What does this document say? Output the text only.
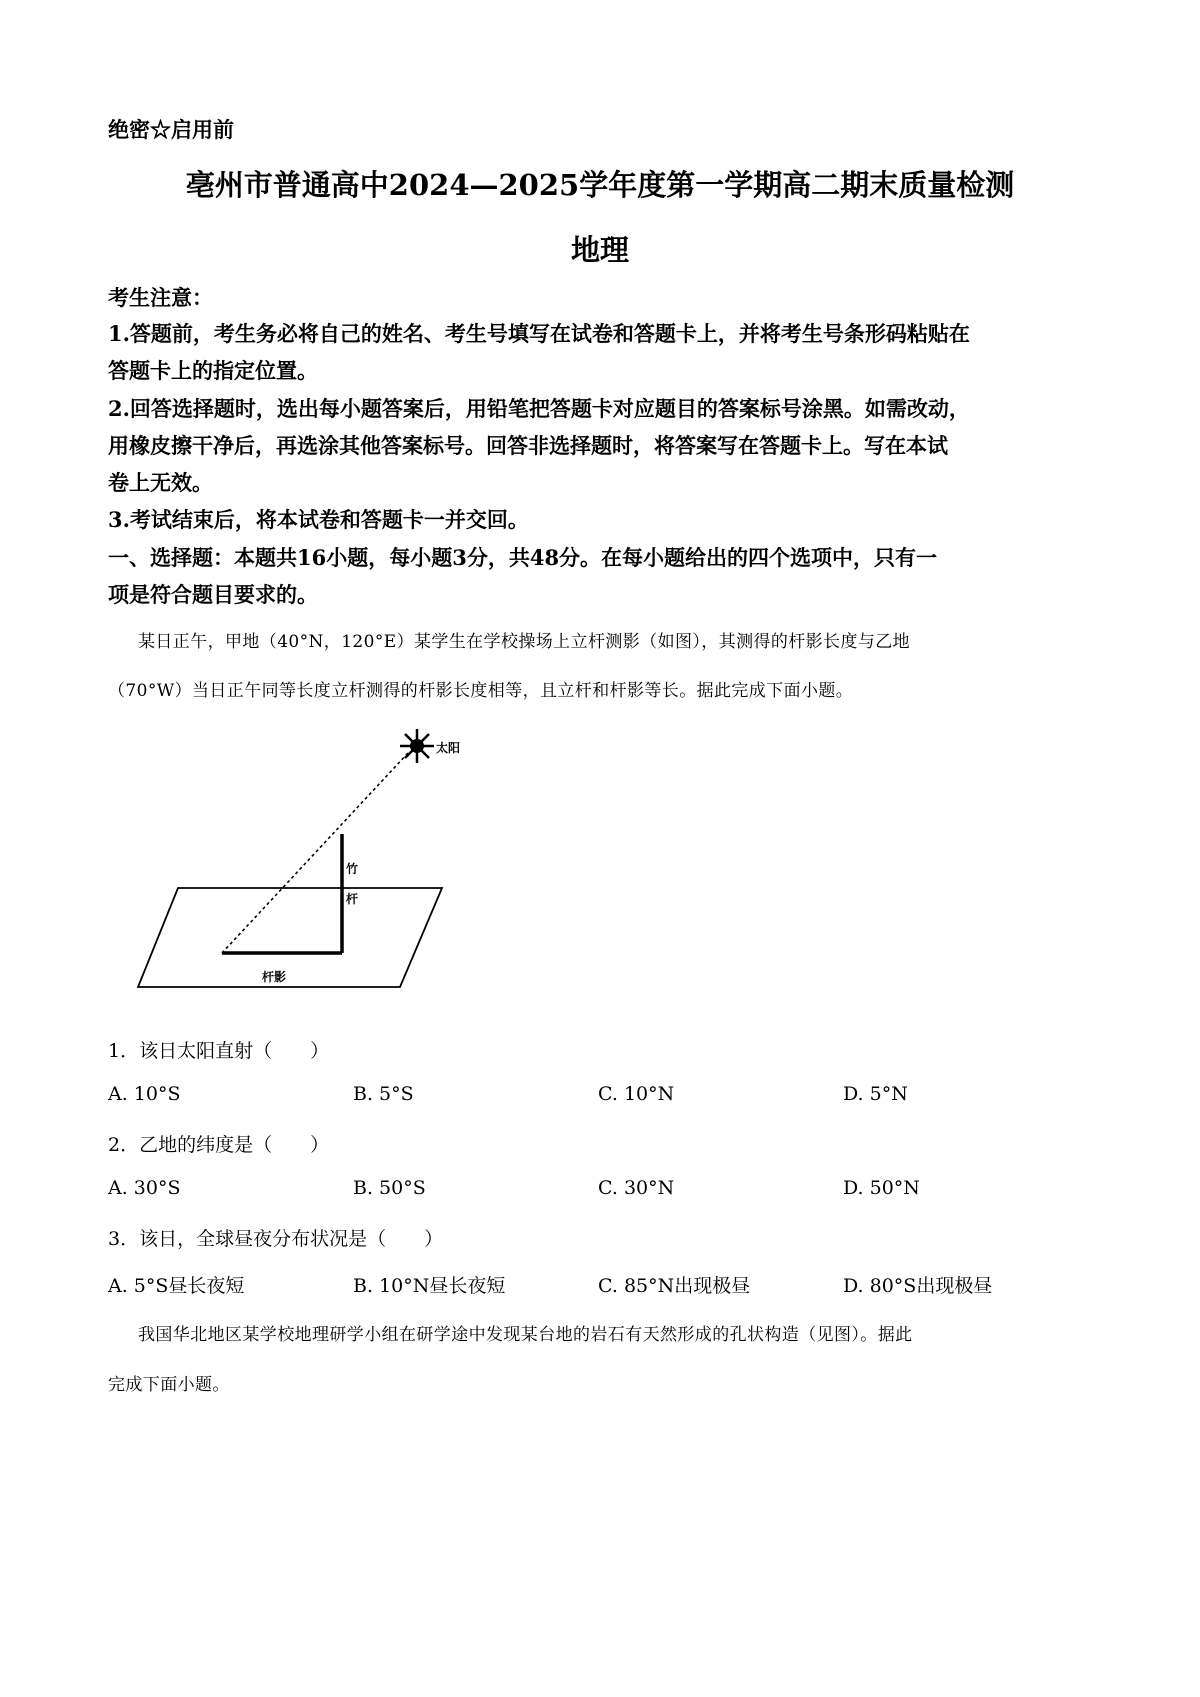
绝密☆启用前
亳州市普通高中2024—2025学年度第一学期高二期末质量检测
地理
考生注意：
1.答题前，考生务必将自己的姓名、考生号填写在试卷和答题卡上，并将考生号条形码粘贴在
答题卡上的指定位置。
2.回答选择题时，选出每小题答案后，用铅笔把答题卡对应题目的答案标号涂黑。如需改动，
用橡皮擦干净后，再选涂其他答案标号。回答非选择题时，将答案写在答题卡上。写在本试
卷上无效。
3.考试结束后，将本试卷和答题卡一并交回。
一、选择题：本题共16小题，每小题3分，共48分。在每小题给出的四个选项中，只有一
项是符合题目要求的。
某日正午，甲地（40°N，120°E）某学生在学校操场上立杆测影（如图），其测得的杆影长度与乙地
（70°W）当日正午同等长度立杆测得的杆影长度相等，且立杆和杆影等长。据此完成下面小题。
太阳
竹
杆
杆影
1．该日太阳直射（　　）
A. 10°S	B. 5°S	C. 10°N	D. 5°N
2．乙地的纬度是（　　）
A. 30°S	B. 50°S	C. 30°N	D. 50°N
3．该日，全球昼夜分布状况是（　　）
A. 5°S昼长夜短	B. 10°N昼长夜短	C. 85°N出现极昼	D. 80°S出现极昼
我国华北地区某学校地理研学小组在研学途中发现某台地的岩石有天然形成的孔状构造（见图）。据此
完成下面小题。
